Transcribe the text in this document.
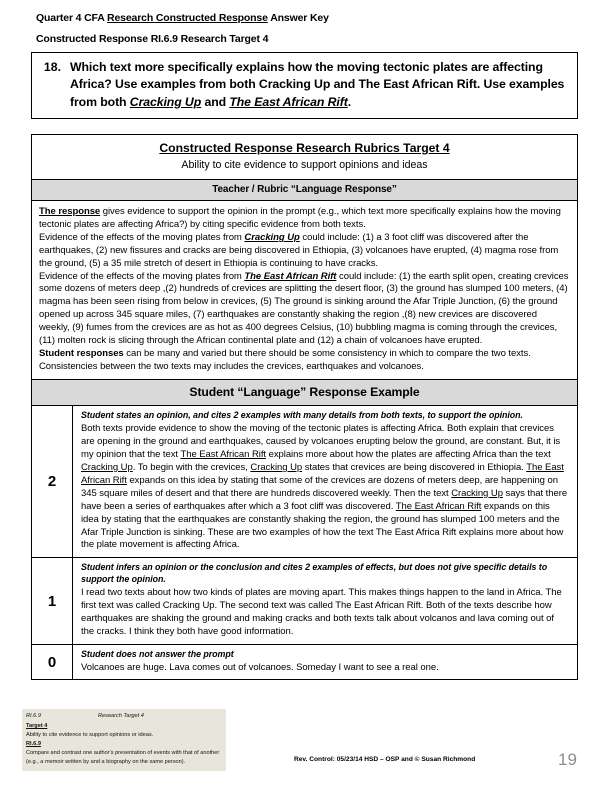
Quarter 4 CFA Research Constructed Response Answer Key
Constructed Response RI.6.9 Research Target 4
18. Which text more specifically explains how the moving tectonic plates are affecting Africa? Use examples from both Cracking Up and The East African Rift. Use examples from both Cracking Up and The East African Rift.
Constructed Response Research Rubrics Target 4
Ability to cite evidence to support opinions and ideas
Teacher / Rubric “Language Response”

The response gives evidence to support the opinion in the prompt (e.g., which text more specifically explains how the moving tectonic plates are affecting Africa?) by citing specific evidence from both texts.

Evidence of the effects of the moving plates from Cracking Up could include: (1) a 3 foot cliff was discovered after the earthquakes, (2) new fissures and cracks are being discovered in Ethiopia, (3) volcanoes have erupted, (4) magma rose from the ground, (5) a 35 mile stretch of desert in Ethiopia is continuing to have cracks.

Evidence of the effects of the moving plates from The East African Rift could include: (1) the earth split open, creating crevices some dozens of meters deep ,(2) hundreds of crevices are splitting the desert floor, (3) the ground has slumped 100 meters, (4) magma has been seen rising from below in crevices, (5) The ground is sinking around the Afar Triple Junction, (6) the ground opened up across 345 square miles, (7) earthquakes are constantly shaking the region ,(8) new crevices are discovered weekly, (9) fumes from the crevices are as hot as 400 degrees Celsius, (10) bubbling magma is coming through the crevices, (11) molten rock is slicing through the African continental plate and (12) a chain of volcanoes have erupted.

Student responses can be many and varied but there should be some consistency in which to compare the two texts. Consistencies between the two texts may includes the crevices, earthquakes and volcanoes.

Student “Language” Response Example
2

Student states an opinion, and cites 2 examples with many details from both texts, to support the opinion.

Both texts provide evidence to show the moving of the tectonic plates is affecting Africa. Both explain that crevices are opening in the ground and earthquakes, caused by volcanoes erupting below the ground, are constant. But, it is my opinion that the text The East African Rift explains more about how the plates are affecting Africa than the text Cracking Up. To begin with the crevices, Cracking Up states that crevices are being discovered in Ethiopia. The East African Rift expands on this idea by stating that some of the crevices are dozens of meters deep, are happening on 345 square miles of desert and that there are hundreds discovered weekly. Then the text Cracking Up says that there have been a series of earthquakes after which a 3 foot cliff was discovered. The East African Rift expands on this idea by stating that the earthquakes are constantly shaking the region, the ground has slumped 100 meters and the Afar Triple Junction is sinking. These are two examples of how the text The East Africa Rift explains more about how the plate movement is affecting Africa.

1

Student infers an opinion or the conclusion and cites 2 examples of effects, but does not give specific details to support the opinion.

I read two texts about how two kinds of plates are moving apart. This makes things happen to the land in Africa. The first text was called Cracking Up. The second text was called The East African Rift. Both of the texts describe how earthquakes are shaking the ground and making cracks and both texts talk about volcanos and lava coming out of the cracks. I think they both have good information.

0	Student does not answer the prompt

Volcanoes are huge. Lava comes out of volcanoes. Someday I want to see a real one.

RI.6.9	Research Target 4
Target 4

Ability to cite evidence to support opinions or ideas.

RI.6.9

Compare and contrast one author's presentation of events with that of another (e.g., a memoir written by and a biography on the same person).	Rev. Control: 05/23/14 HSD – OSP and © Susan Richmond	19
